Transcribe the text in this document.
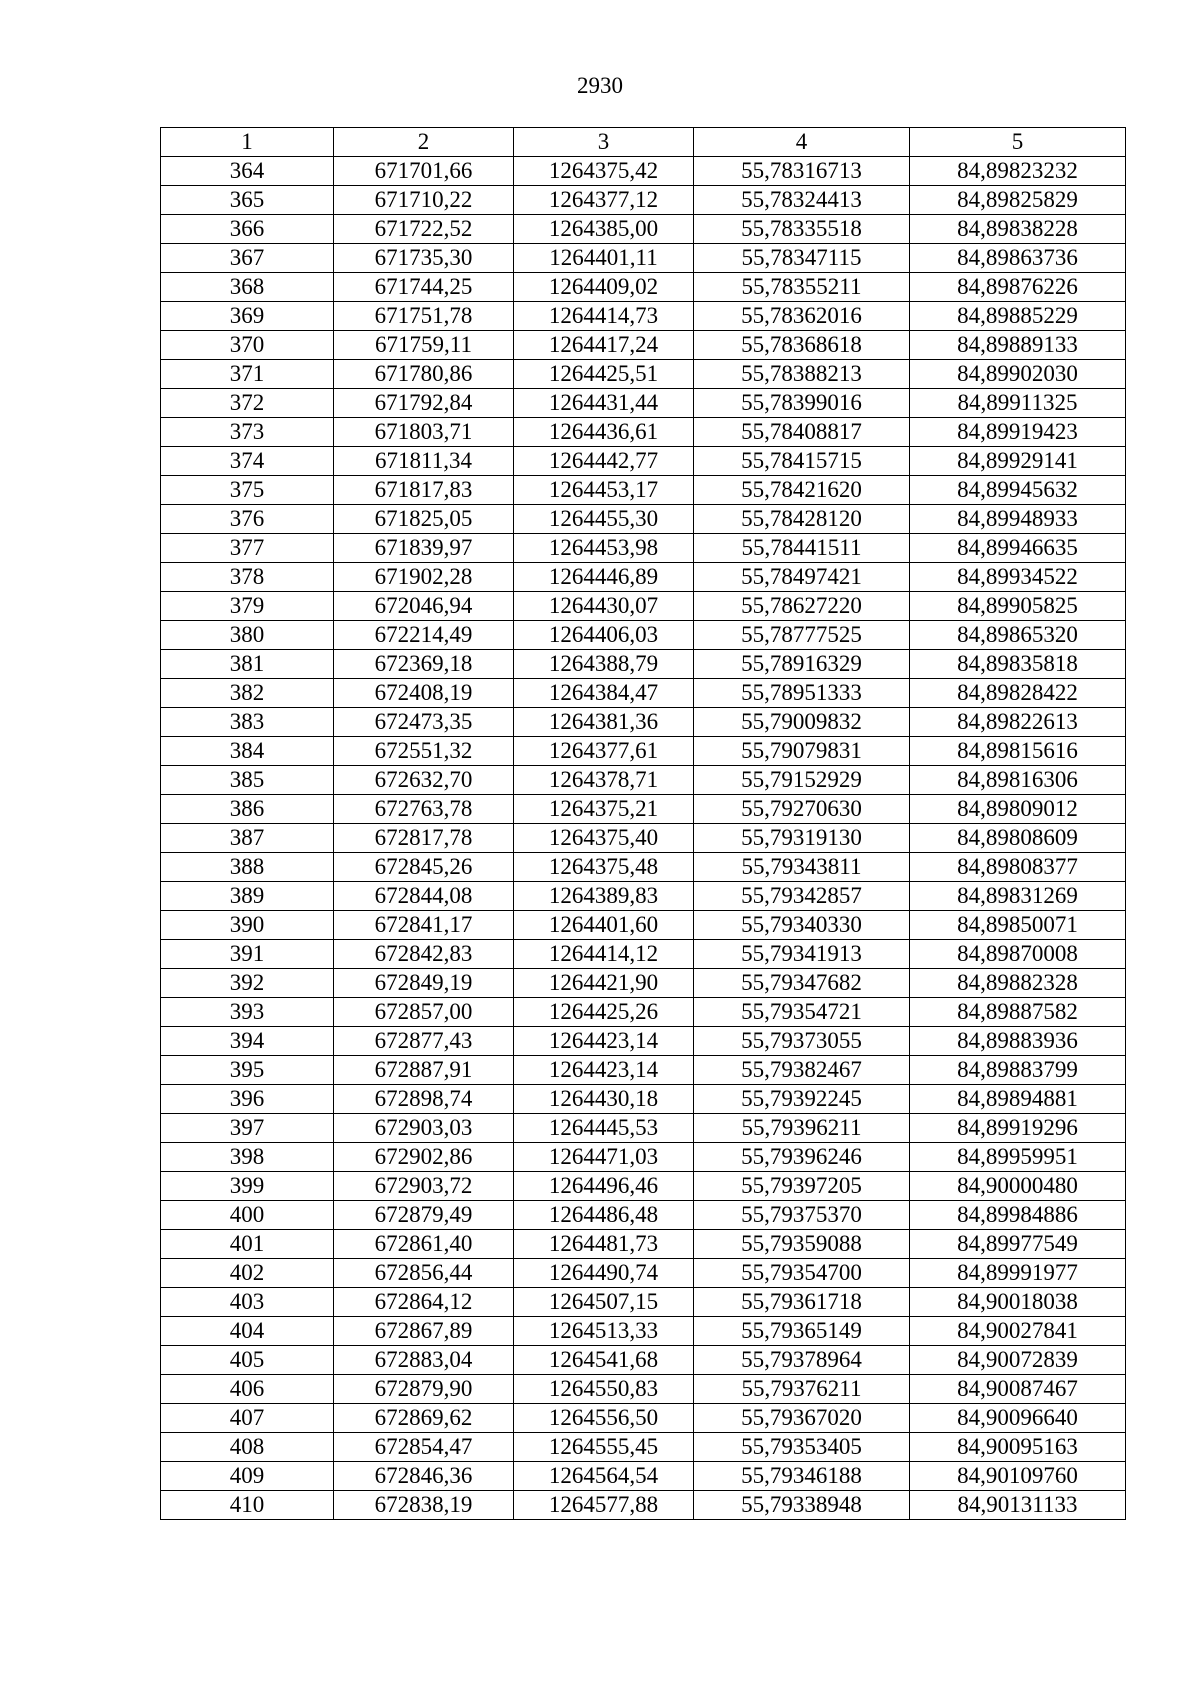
2930
1	2	3	4	5
364	671701,66	1264375,42	55,78316713	84,89823232
365	671710,22	1264377,12	55,78324413	84,89825829
366	671722,52	1264385,00	55,78335518	84,89838228
367	671735,30	1264401,11	55,78347115	84,89863736
368	671744,25	1264409,02	55,78355211	84,89876226
369	671751,78	1264414,73	55,78362016	84,89885229
370	671759,11	1264417,24	55,78368618	84,89889133
371	671780,86	1264425,51	55,78388213	84,89902030
372	671792,84	1264431,44	55,78399016	84,89911325
373	671803,71	1264436,61	55,78408817	84,89919423
374	671811,34	1264442,77	55,78415715	84,89929141
375	671817,83	1264453,17	55,78421620	84,89945632
376	671825,05	1264455,30	55,78428120	84,89948933
377	671839,97	1264453,98	55,78441511	84,89946635
378	671902,28	1264446,89	55,78497421	84,89934522
379	672046,94	1264430,07	55,78627220	84,89905825
380	672214,49	1264406,03	55,78777525	84,89865320
381	672369,18	1264388,79	55,78916329	84,89835818
382	672408,19	1264384,47	55,78951333	84,89828422
383	672473,35	1264381,36	55,79009832	84,89822613
384	672551,32	1264377,61	55,79079831	84,89815616
385	672632,70	1264378,71	55,79152929	84,89816306
386	672763,78	1264375,21	55,79270630	84,89809012
387	672817,78	1264375,40	55,79319130	84,89808609
388	672845,26	1264375,48	55,79343811	84,89808377
389	672844,08	1264389,83	55,79342857	84,89831269
390	672841,17	1264401,60	55,79340330	84,89850071
391	672842,83	1264414,12	55,79341913	84,89870008
392	672849,19	1264421,90	55,79347682	84,89882328
393	672857,00	1264425,26	55,79354721	84,89887582
394	672877,43	1264423,14	55,79373055	84,89883936
395	672887,91	1264423,14	55,79382467	84,89883799
396	672898,74	1264430,18	55,79392245	84,89894881
397	672903,03	1264445,53	55,79396211	84,89919296
398	672902,86	1264471,03	55,79396246	84,89959951
399	672903,72	1264496,46	55,79397205	84,90000480
400	672879,49	1264486,48	55,79375370	84,89984886
401	672861,40	1264481,73	55,79359088	84,89977549
402	672856,44	1264490,74	55,79354700	84,89991977
403	672864,12	1264507,15	55,79361718	84,90018038
404	672867,89	1264513,33	55,79365149	84,90027841
405	672883,04	1264541,68	55,79378964	84,90072839
406	672879,90	1264550,83	55,79376211	84,90087467
407	672869,62	1264556,50	55,79367020	84,90096640
408	672854,47	1264555,45	55,79353405	84,90095163
409	672846,36	1264564,54	55,79346188	84,90109760
410	672838,19	1264577,88	55,79338948	84,90131133
